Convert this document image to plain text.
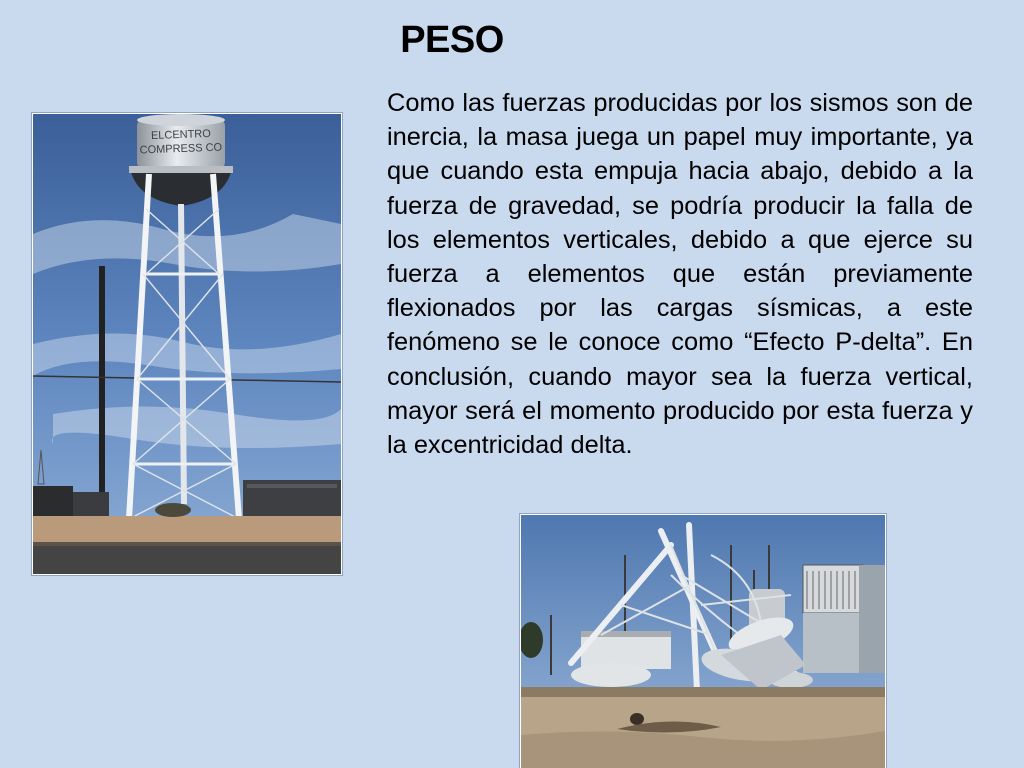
PESO
Como las fuerzas producidas por los sismos son de inercia, la masa juega un papel muy importante, ya que cuando esta empuja hacia abajo, debido a la fuerza de gravedad, se podría producir la falla de los elementos verticales, debido a que ejerce su fuerza a elementos que están previamente flexionados por las cargas sísmicas, a este fenómeno se le conoce como “Efecto P-delta”. En conclusión, cuando mayor sea la fuerza vertical, mayor será el momento producido por esta fuerza y la excentricidad delta.
ELCENTRO
COMPRESS CO
